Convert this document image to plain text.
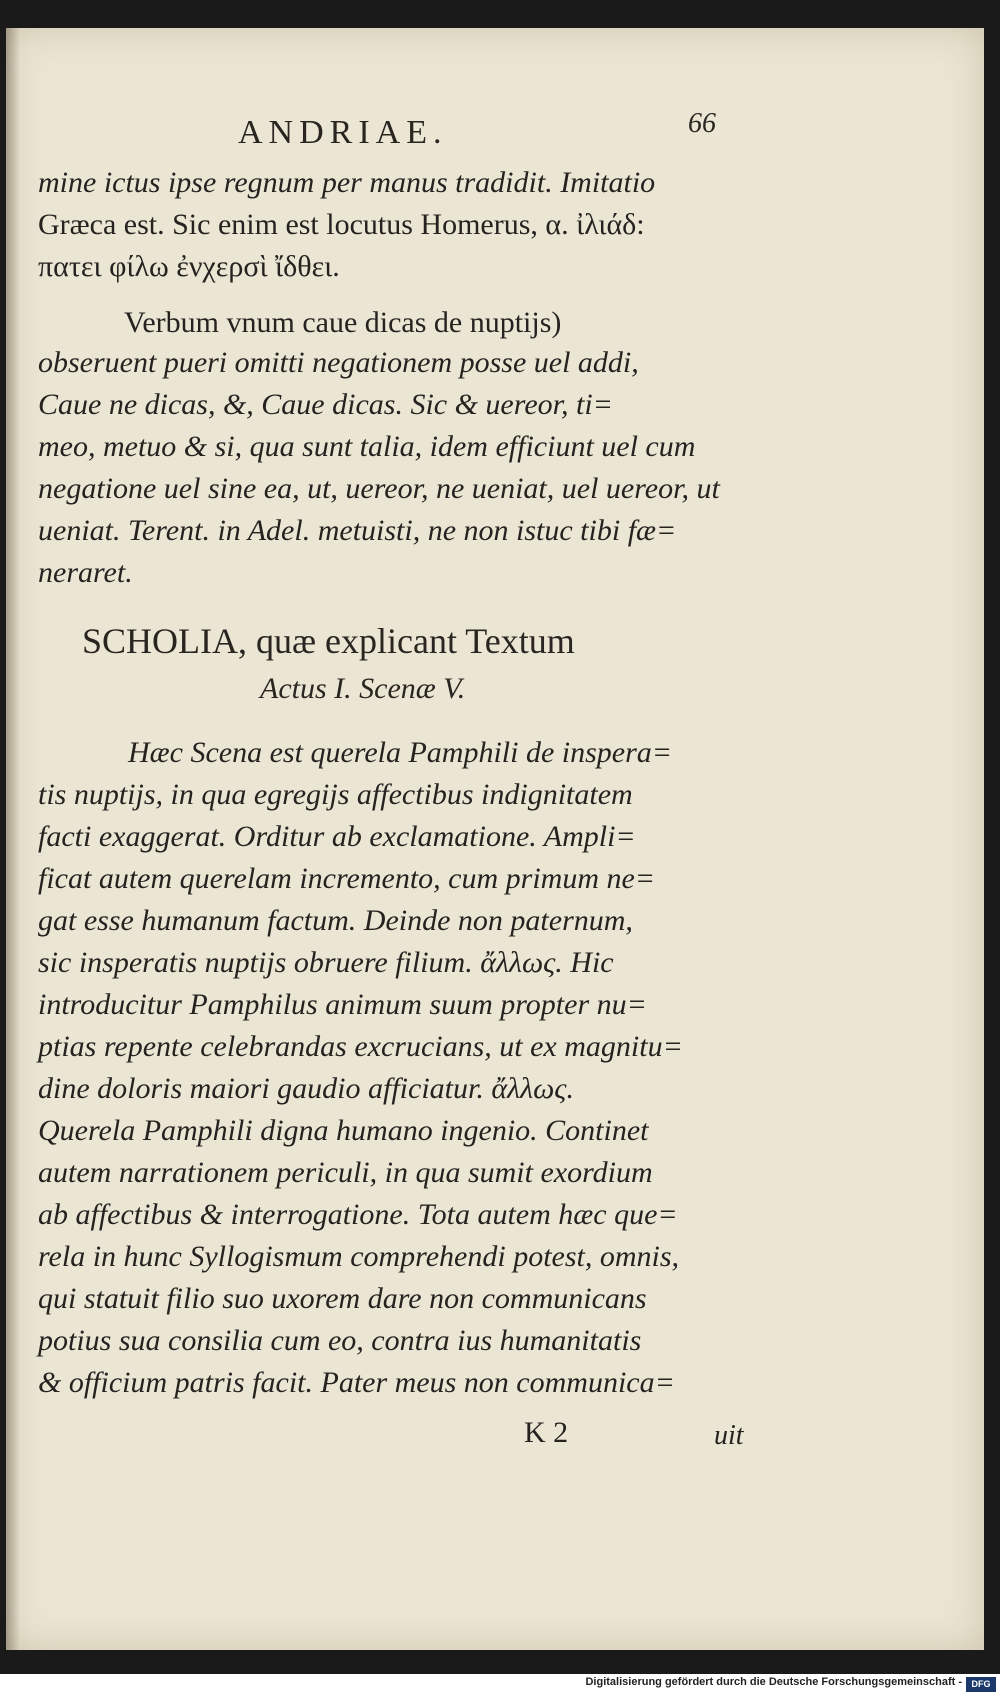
ANDRIAE.	66
mine ictus ipse regnum per manus tradidit. Imitatio
Græca est. Sic enim est locutus Homerus, α. ἰλιάδ:
πατει φίλω ἐνχερσὶ ἴδθει.
Verbum vnum caue dicas de nuptijs)
obseruent pueri omitti negationem posse uel addi,
Caue ne dicas, &, Caue dicas. Sic & uereor, ti=
meo, metuo & si, qua sunt talia, idem efficiunt uel cum
negatione uel sine ea, ut, uereor, ne ueniat, uel uereor, ut
ueniat. Terent. in Adel. metuisti, ne non istuc tibi fæ=
neraret.
SCHOLIA, quæ explicant Textum
Actus I. Scenæ V.
Hæc Scena est querela Pamphili de insperа=
tis nuptijs, in qua egregijs affectibus indignitatem
facti exaggerat. Orditur ab exclamatione. Ampli=
ficat autem querelam incremento, cum primum ne=
gat esse humanum factum. Deinde non paternum,
sic insperatis nuptijs obruere filium. ἄλλως. Hic
introducitur Pamphilus animum suum propter nu=
ptias repente celebrandas excrucians, ut ex magnitu=
dine doloris maiori gaudio afficiatur. ἄλλως.
Querela Pamphili digna humano ingenio. Continet
autem narrationem periculi, in qua sumit exordium
ab affectibus & interrogatione. Tota autem hæc que=
rela in hunc Syllogismum comprehendi potest, omnis,
qui statuit filio suo uxorem dare non communicans
potius sua consilia cum eo, contra ius humanitatis
& officium patris facit. Pater meus non communica=
K 2	uit
Digitalisierung gefördert durch die Deutsche Forschungsgemeinschaft -	DFG
